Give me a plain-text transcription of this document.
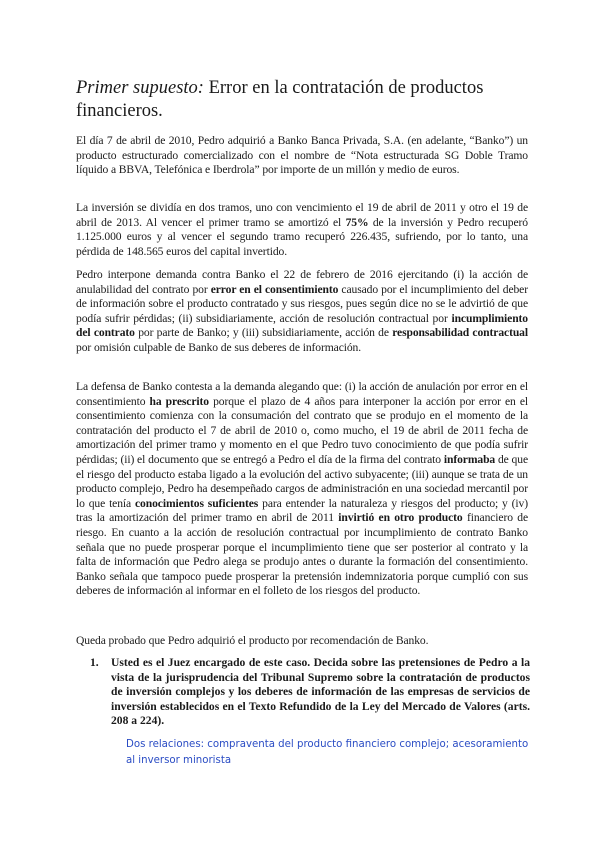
Primer supuesto: Error en la contratación de productos financieros.

El día 7 de abril de 2010, Pedro adquirió a Banko Banca Privada, S.A. (en adelante, “Banko”) un producto estructurado comercializado con el nombre de “Nota estructurada SG Doble Tramo líquido a BBVA, Telefónica e Iberdrola” por importe de un millón y medio de euros.

La inversión se dividía en dos tramos, uno con vencimiento el 19 de abril de 2011 y otro el 19 de abril de 2013. Al vencer el primer tramo se amortizó el 75% de la inversión y Pedro recuperó 1.125.000 euros y al vencer el segundo tramo recuperó 226.435, sufriendo, por lo tanto, una pérdida de 148.565 euros del capital invertido.

Pedro interpone demanda contra Banko el 22 de febrero de 2016 ejercitando (i) la acción de anulabilidad del contrato por error en el consentimiento causado por el incumplimiento del deber de información sobre el producto contratado y sus riesgos, pues según dice no se le advirtió de que podía sufrir pérdidas; (ii) subsidiariamente, acción de resolución contractual por incumplimiento del contrato por parte de Banko; y (iii) subsidiariamente, acción de responsabilidad contractual por omisión culpable de Banko de sus deberes de información.

La defensa de Banko contesta a la demanda alegando que: (i) la acción de anulación por error en el consentimiento ha prescrito porque el plazo de 4 años para interponer la acción por error en el consentimiento comienza con la consumación del contrato que se produjo en el momento de la contratación del producto el 7 de abril de 2010 o, como mucho, el 19 de abril de 2011 fecha de amortización del primer tramo y momento en el que Pedro tuvo conocimiento de que podía sufrir pérdidas; (ii) el documento que se entregó a Pedro el día de la firma del contrato informaba de que el riesgo del producto estaba ligado a la evolución del activo subyacente; (iii) aunque se trata de un producto complejo, Pedro ha desempeñado cargos de administración en una sociedad mercantil por lo que tenía conocimientos suficientes para entender la naturaleza y riesgos del producto; y (iv) tras la amortización del primer tramo en abril de 2011 invirtió en otro producto financiero de riesgo. En cuanto a la acción de resolución contractual por incumplimiento de contrato Banko señala que no puede prosperar porque el incumplimiento tiene que ser posterior al contrato y la falta de información que Pedro alega se produjo antes o durante la formación del consentimiento. Banko señala que tampoco puede prosperar la pretensión indemnizatoria porque cumplió con sus deberes de información al informar en el folleto de los riesgos del producto.

Queda probado que Pedro adquirió el producto por recomendación de Banko.

1. Usted es el Juez encargado de este caso. Decida sobre las pretensiones de Pedro a la vista de la jurisprudencia del Tribunal Supremo sobre la contratación de productos de inversión complejos y los deberes de información de las empresas de servicios de inversión establecidos en el Texto Refundido de la Ley del Mercado de Valores (arts. 208 a 224).

Dos relaciones: compraventa del producto financiero complejo; acesoramiento al inversor minorista
